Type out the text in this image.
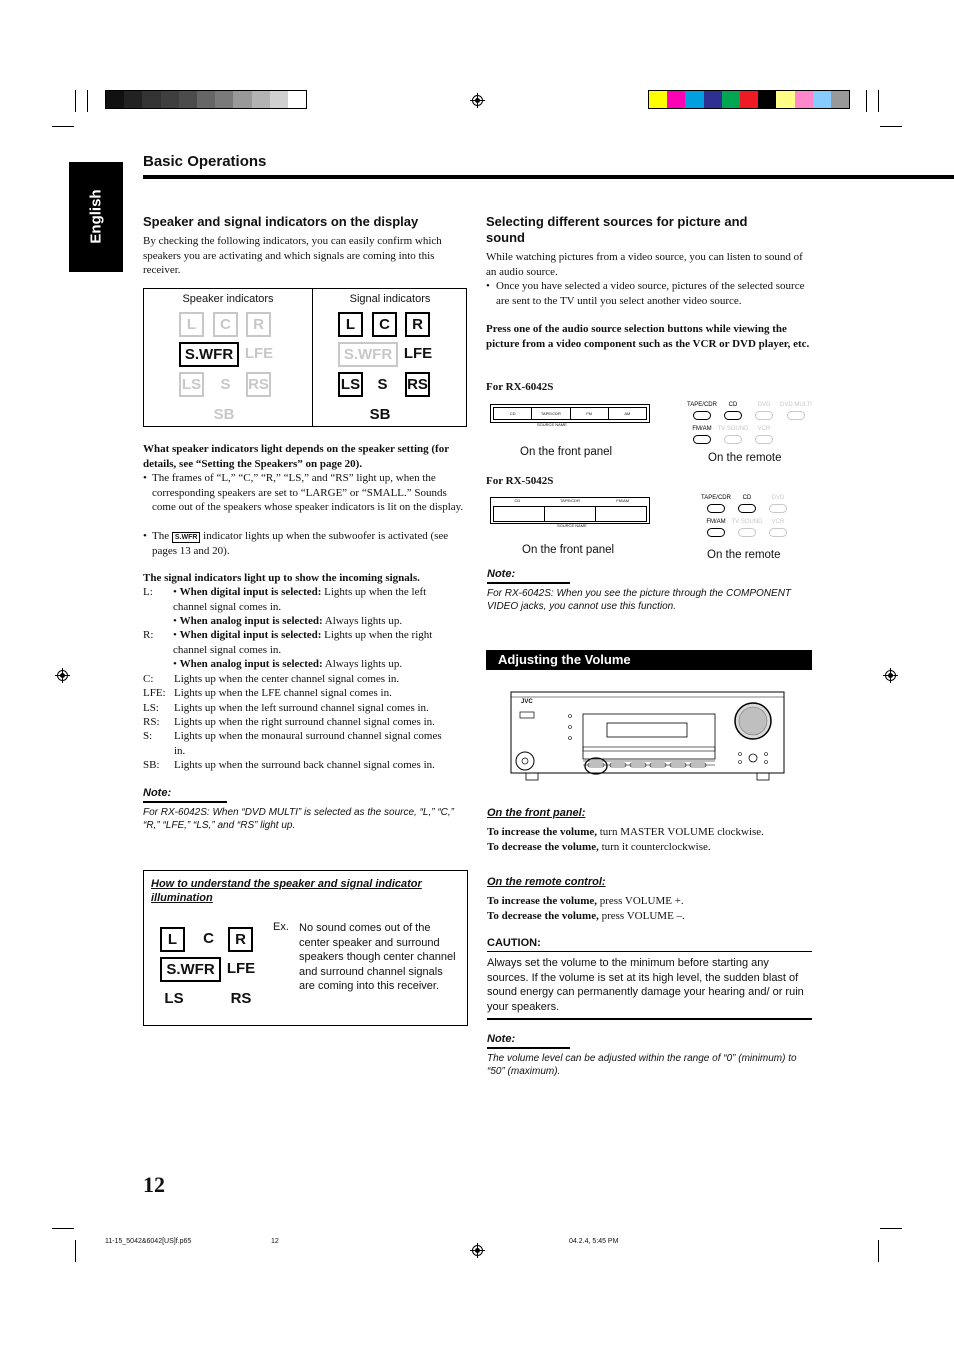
English
Basic Operations
Speaker and signal indicators on the display
By checking the following indicators, you can easily confirm which speakers you are activating and which signals are coming into this receiver.
Speaker indicators	Signal indicators
L	C	R
S.WFR LFE
LS	S	RS
SB
L	C	R
S.WFR LFE
LS	S	RS
SB
What speaker indicators light depends on the speaker setting (for details, see “Setting the Speakers” on page 20).
• The frames of “L,” “C,” “R,” “LS,” and “RS” light up, when the corresponding speakers are set to “LARGE” or “SMALL.” Sounds come out of the speakers whose speaker indicators is lit on the display.
• The S.WFR indicator lights up when the subwoofer is activated (see pages 13 and 20).
The signal indicators light up to show the incoming signals.
L: • When digital input is selected: Lights up when the left channel signal comes in.
• When analog input is selected: Always lights up.
R: • When digital input is selected: Lights up when the right channel signal comes in.
• When analog input is selected: Always lights up.
C: Lights up when the center channel signal comes in.
LFE: Lights up when the LFE channel signal comes in.
LS: Lights up when the left surround channel signal comes in.
RS: Lights up when the right surround channel signal comes in.
S:	Lights up when the monaural surround channel signal comes in.
SB: Lights up when the surround back channel signal comes in.
Note:
For RX-6042S: When “DVD MULTI” is selected as the source, “L,” “C,” “R,” “LFE,” “LS,” and “RS” light up.
How to understand the speaker and signal indicator illumination
L	C	R
S.WFR LFE
LS	RS
Ex. No sound comes out of the center speaker and surround speakers though center channel and surround channel signals are coming into this receiver.
12
Selecting different sources for picture and sound
While watching pictures from a video source, you can listen to sound of an audio source.
• Once you have selected a video source, pictures of the selected source are sent to the TV until you select another video source.
Press one of the audio source selection buttons while viewing the picture from a video component such as the VCR or DVD player, etc.
For RX-6042S
CD	TAPE/CDR	FM	AM
SOURCE NAME
On the front panel
TAPE/CDR	CD	DVD	DVD MULTI
FM/AM TV SOUND	VCR
On the remote
For RX-5042S
CD	TAPE/CDR	FM/AM
SOURCE NAME
On the front panel
TAPE/CDR	CD	DVD
FM/AM TV SOUND	VCR
On the remote
Note:
For RX-6042S: When you see the picture through the COMPONENT VIDEO jacks, you cannot use this function.
Adjusting the Volume
JVC
On the front panel:
To increase the volume, turn MASTER VOLUME clockwise.
To decrease the volume, turn it counterclockwise.
On the remote control:
To increase the volume, press VOLUME +.
To decrease the volume, press VOLUME –.
CAUTION:
Always set the volume to the minimum before starting any sources. If the volume is set at its high level, the sudden blast of sound energy can permanently damage your hearing and/ or ruin your speakers.
Note:
The volume level can be adjusted within the range of “0” (minimum) to “50” (maximum).
11-15_5042&6042[US]f.p65	12	04.2.4, 5:45 PM
